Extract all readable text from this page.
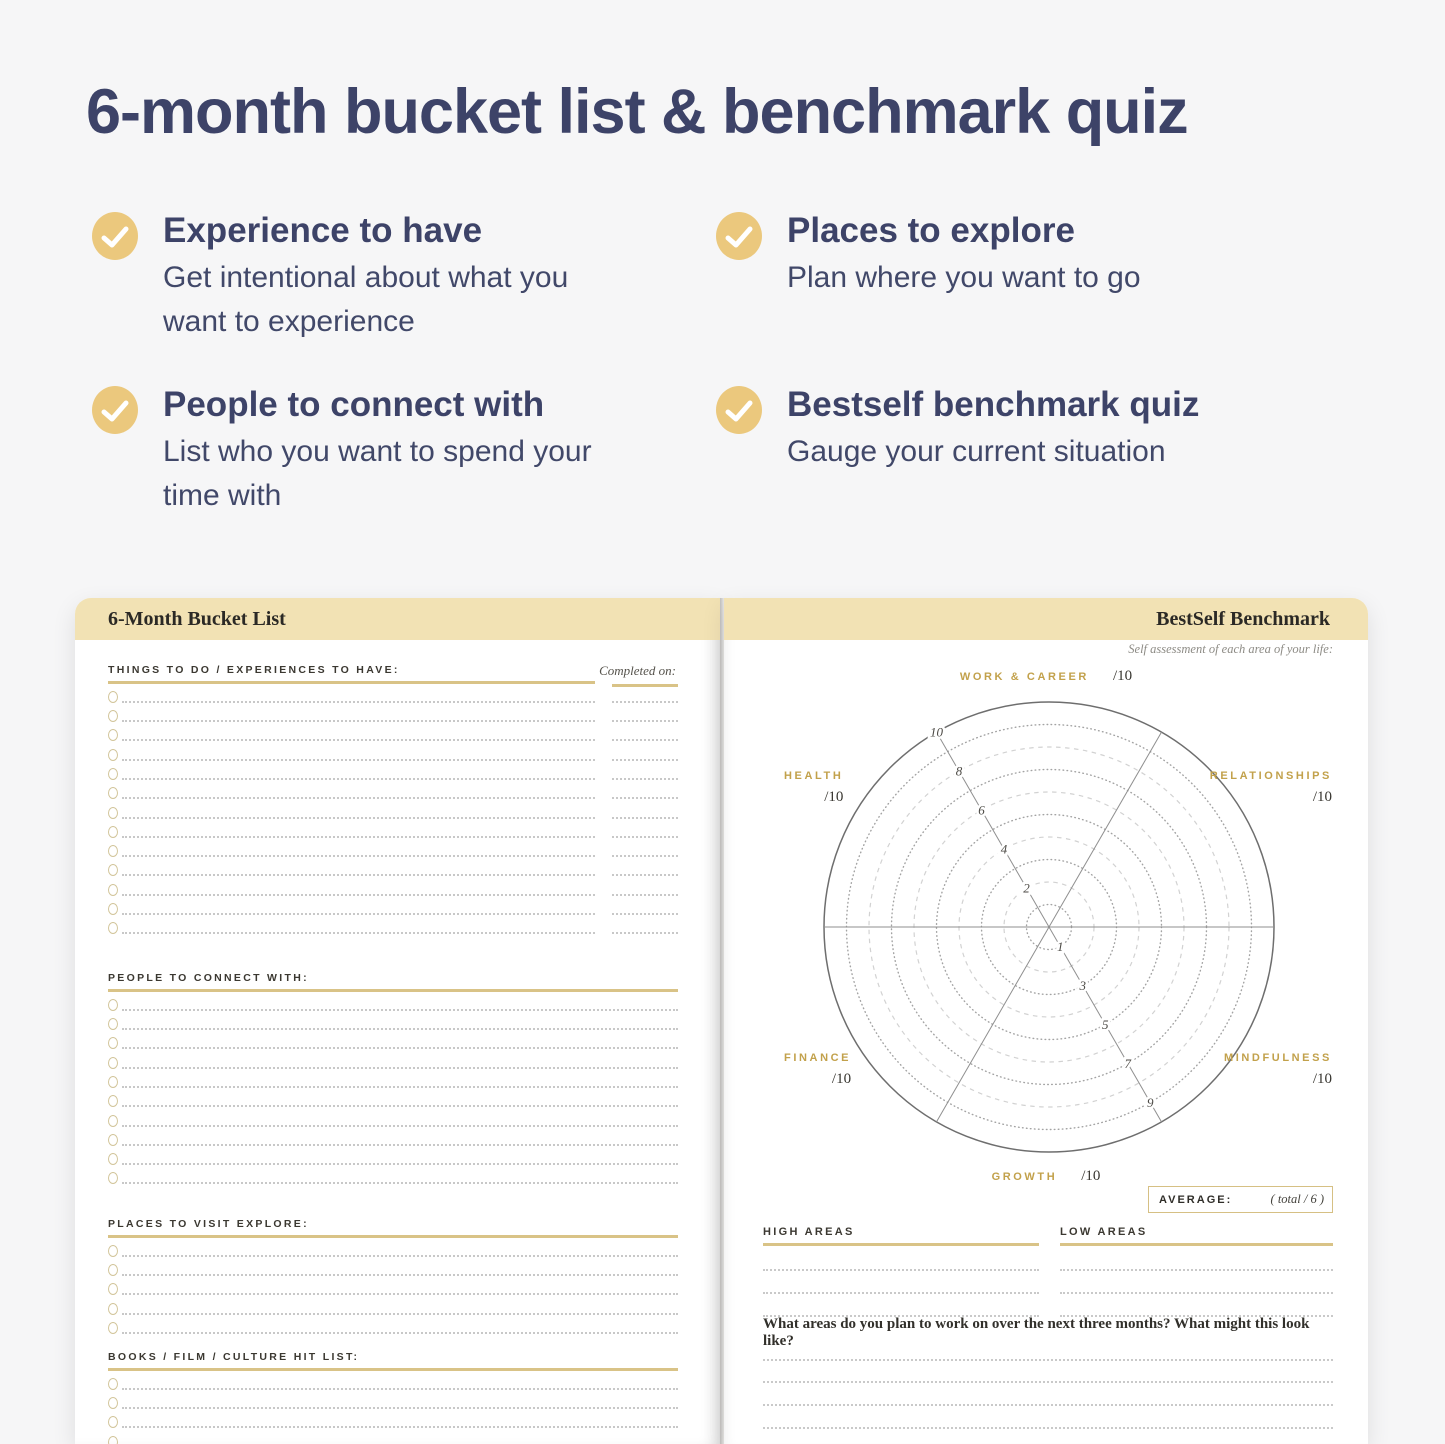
6-month bucket list & benchmark quiz
Experience to have
Get intentional about what you want to experience
People to connect with
List who you want to spend your time with
Places to explore
Plan where you want to go
Bestself benchmark quiz
Gauge your current situation
6-Month Bucket List
THINGS TO DO / EXPERIENCES TO HAVE:	Completed on:
PEOPLE TO CONNECT WITH:
PLACES TO VISIT EXPLORE:
BOOKS / FILM / CULTURE HIT LIST:
BestSelf Benchmark
Self assessment of each area of your life:
WORK & CAREER /10
1
2
3
4
5
6
7
8
9
10
HEALTH
/10
RELATIONSHIPS
/10
FINANCE
/10
MINDFULNESS
/10
GROWTH /10
AVERAGE:	( total / 6 )
HIGH AREAS	LOW AREAS
What areas do you plan to work on over the next three months? What might this look like?
